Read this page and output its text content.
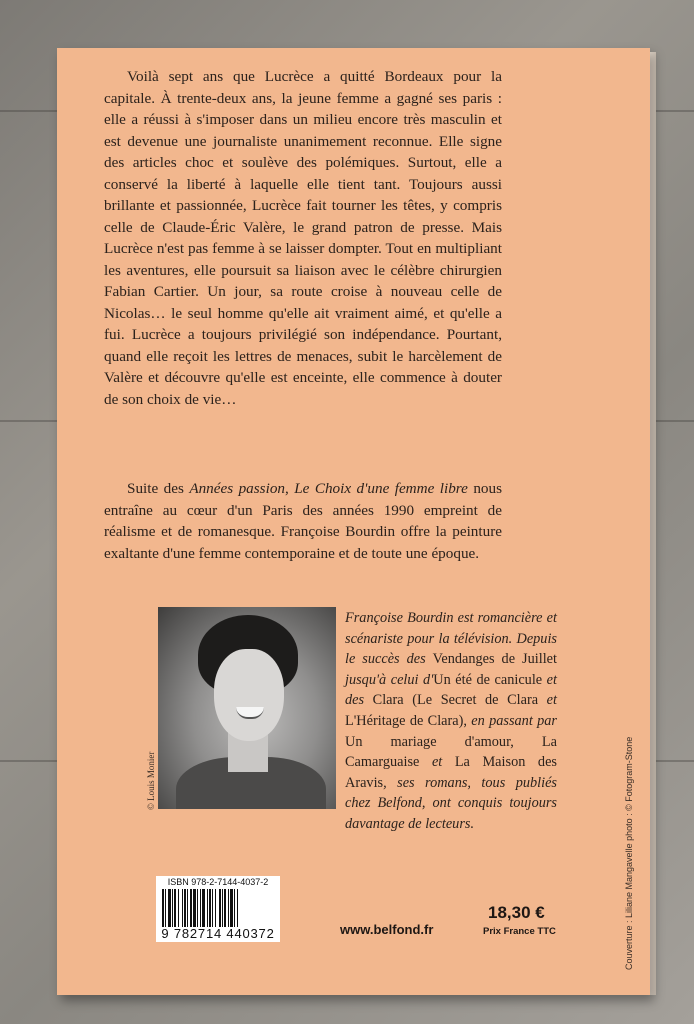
Voilà sept ans que Lucrèce a quitté Bordeaux pour la capitale. À trente-deux ans, la jeune femme a gagné ses paris : elle a réussi à s'imposer dans un milieu encore très masculin et est devenue une journaliste unanimement reconnue. Elle signe des articles choc et soulève des polémiques. Surtout, elle a conservé la liberté à laquelle elle tient tant. Toujours aussi brillante et passionnée, Lucrèce fait tourner les têtes, y compris celle de Claude-Éric Valère, le grand patron de presse. Mais Lucrèce n'est pas femme à se laisser dompter. Tout en multipliant les aventures, elle poursuit sa liaison avec le célèbre chirurgien Fabian Cartier. Un jour, sa route croise à nouveau celle de Nicolas… le seul homme qu'elle ait vraiment aimé, et qu'elle a fui. Lucrèce a toujours privilégié son indépendance. Pourtant, quand elle reçoit les lettres de menaces, subit le harcèlement de Valère et découvre qu'elle est enceinte, elle commence à douter de son choix de vie…

Suite des Années passion, Le Choix d'une femme libre nous entraîne au cœur d'un Paris des années 1990 empreint de réalisme et de romanesque. Françoise Bourdin offre la peinture exaltante d'une femme contemporaine et de toute une époque.

© Louis Monier

Françoise Bourdin est romancière et scénariste pour la télévision. Depuis le succès des Vendanges de Juillet jusqu'à celui d'Un été de canicule et des Clara (Le Secret de Clara et L'Héritage de Clara), en passant par Un mariage d'amour, La Camarguaise et La Maison des Aravis, ses romans, tous publiés chez Belfond, ont conquis toujours davantage de lecteurs.

ISBN 978-2-7144-4037-2
9 782714 440372	www.belfond.fr
18,30 €
Prix France TTC	Couverture : Liliane Mangavelle photo : © Fotogram-Stone
